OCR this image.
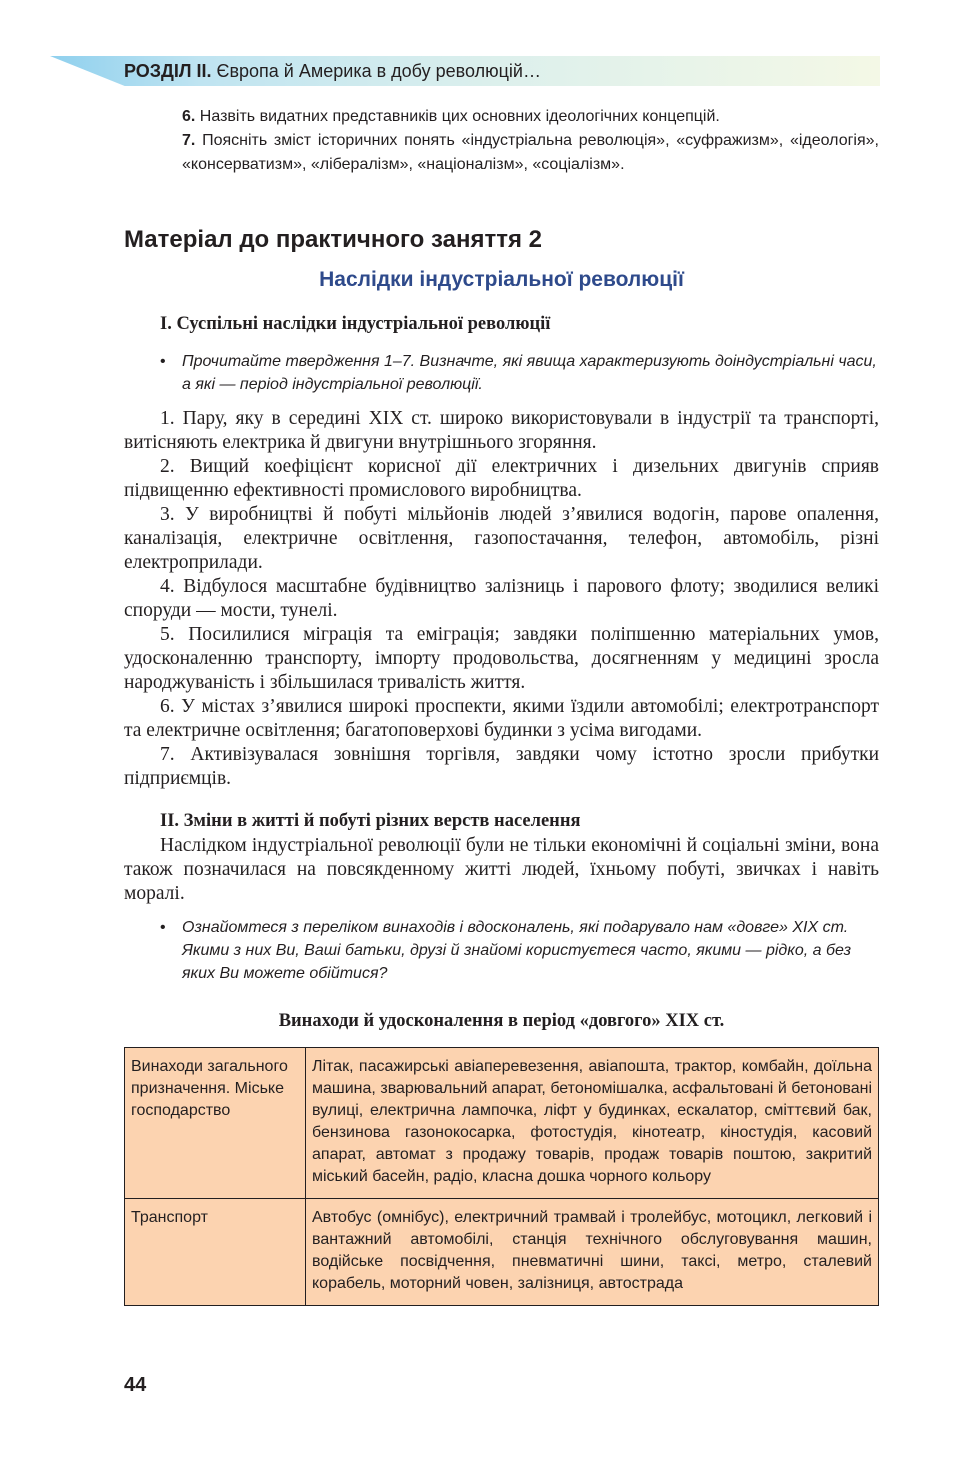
РОЗДІЛ ІІ. Європа й Америка в добу революцій…

6. Назвіть видатних представників цих основних ідеологічних концепцій.

7. Поясніть зміст історичних понять «індустріальна революція», «суфражизм», «ідеологія», «консерватизм», «лібералізм», «націоналізм», «соціалізм».

Матеріал до практичного заняття 2
Наслідки індустріальної революції
І. Суспільні наслідки індустріальної революції
• Прочитайте твердження 1–7. Визначте, які явища характеризують доіндустріальні часи, а які — період індустріальної революції.

1. Пару, яку в середині ХІХ ст. широко використовували в індустрії та транспорті, витісняють електрика й двигуни внутрішнього згоряння.

2. Вищий коефіцієнт корисної дії електричних і дизельних двигунів сприяв підвищенню ефективності промислового виробництва.

3. У виробництві й побуті мільйонів людей з’явилися водогін, парове опалення, каналізація, електричне освітлення, газопостачання, телефон, автомобіль, різні електроприлади.

4. Відбулося масштабне будівництво залізниць і парового флоту; зводилися великі споруди — мости, тунелі.

5. Посилилися міграція та еміграція; завдяки поліпшенню матеріальних умов, удосконаленню транспорту, імпорту продовольства, досягненням у медицині зросла народжуваність і збільшилася тривалість життя.

6. У містах з’явилися широкі проспекти, якими їздили автомобілі; електротранспорт та електричне освітлення; багатоповерхові будинки з усіма вигодами.

7. Активізувалася зовнішня торгівля, завдяки чому істотно зросли прибутки підприємців.

ІІ. Зміни в житті й побуті різних верств населення

Наслідком індустріальної революції були не тільки економічні й соціальні зміни, вона також позначилася на повсякденному житті людей, їхньому побуті, звичках і навіть моралі.

• Ознайомтеся з переліком винаходів і вдосконалень, які подарувало нам «довге» ХІХ ст. Якими з них Ви, Ваші батьки, друзі й знайомі користуєтеся часто, якими — рідко, а без яких Ви можете обійтися?
Винаходи й удосконалення в період «довгого» ХІХ ст.
Винаходи загального призначення. Міське господарство	Літак, пасажирські авіаперевезення, авіапошта, трактор, комбайн, доїльна машина, зварювальний апарат, бетономішалка, асфальтовані й бетоновані вулиці, електрична лампочка, ліфт у будинках, ескалатор, сміттєвий бак, бензинова газонокосарка, фотостудія, кінотеатр, кіностудія, касовий апарат, автомат з продажу товарів, продаж товарів поштою, закритий міський басейн, радіо, класна дошка чорного кольору
Транспорт	Автобус (омнібус), електричний трамвай і тролейбус, мотоцикл, легковий і вантажний автомобілі, станція технічного обслуговування машин, водійське посвідчення, пневматичні шини, таксі, метро, сталевий корабель, моторний човен, залізниця, автострада

44
